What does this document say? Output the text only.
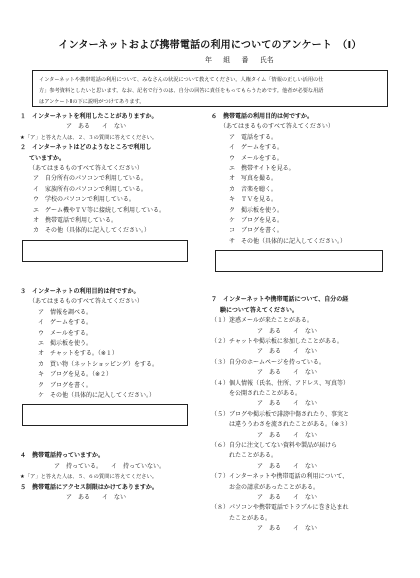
インターネットおよび携帯電話の利用についてのアンケート　（Ⅰ）
年 組 番 氏名

インターネットや携帯電話の利用について、みなさんの状況について教えてください。人権タイム「情報の正しい活用の仕

方」参考資料としたいと思います。なお、記名で行うのは、自分の回答に責任をもってもらうためです。他者が必要な用語

はアンケートⅡの下に説明がつけてあります。

１　インターネットを利用したことがありますか。
ア　ある　　イ　ない
★「ア」と答えた人は、２、３の質問に答えてください。
２　インターネットはどのようなところで利用し
ていますか。
（あてはまるものすべて答えてください）
ア　自分所有のパソコンで利用している。
イ　家族所有のパソコンで利用している。
ウ　学校のパソコンで利用している。
エ　ゲーム機やＴＶ等に接続して利用している。
オ　携帯電話で利用している。
カ　その他（具体的に記入してください。）
３　インターネットの利用目的は何ですか。
（あてはまるものすべて答えてください）
ア　情報を調べる。
イ　ゲームをする。
ウ　メールをする。
エ　掲示板を使う。
オ　チャットをする。（※１）
カ　買い物（ネットショッピング）をする。
キ　ブログを見る。（※２）
ク　ブログを書く。
ケ　その他（具体的に記入してください。）
４　携帯電話持っていますか。
ア　持っている。　　イ　持っていない。
★「ア」と答えた人は、５、６の質問に答えてください。
５　携帯電話にアクセス制限はかけてありますか。
ア　ある　　イ　ない
６　携帯電話の利用目的は何ですか。
（あてはまるものすべて答えてください）
ア　電話をする。
イ　ゲームをする。
ウ　メールをする。
エ　携帯サイトを見る。
オ　写真を撮る。
カ　音楽を聴く。
キ　ＴＶを見る。
ク　掲示板を使う。
ケ　ブログを見る。
コ　ブログを書く。
サ　その他（具体的に記入してください。）
７　インターネットや携帯電話について、自分の経
験について答えてください。
（１）迷惑メールが来たことがある。
ア　ある　　イ　ない
（２）チャットや掲示板に参加したことがある。
ア　ある　　イ　ない
（３）自分のホームページを持っている。
ア　ある　　イ　ない
（４）個人情報（氏名、住所、アドレス、写真等）
を公開されたことがある。
ア　ある　　イ　ない
（５）ブログや掲示板で誹謗中傷されたり、事実と
は違ううわさを流されたことがある。（※３）
ア　ある　　イ　ない
（６）自分に注文してない資料や製品が届けら
れたことがある。
ア　ある　　イ　ない
（７）インターネットや携帯電話の利用について、
お金の請求があったことがある。
ア　ある　　イ　ない
（８）パソコンや携帯電話でトラブルに巻き込まれ
たことがある。
ア　ある　　イ　ない
